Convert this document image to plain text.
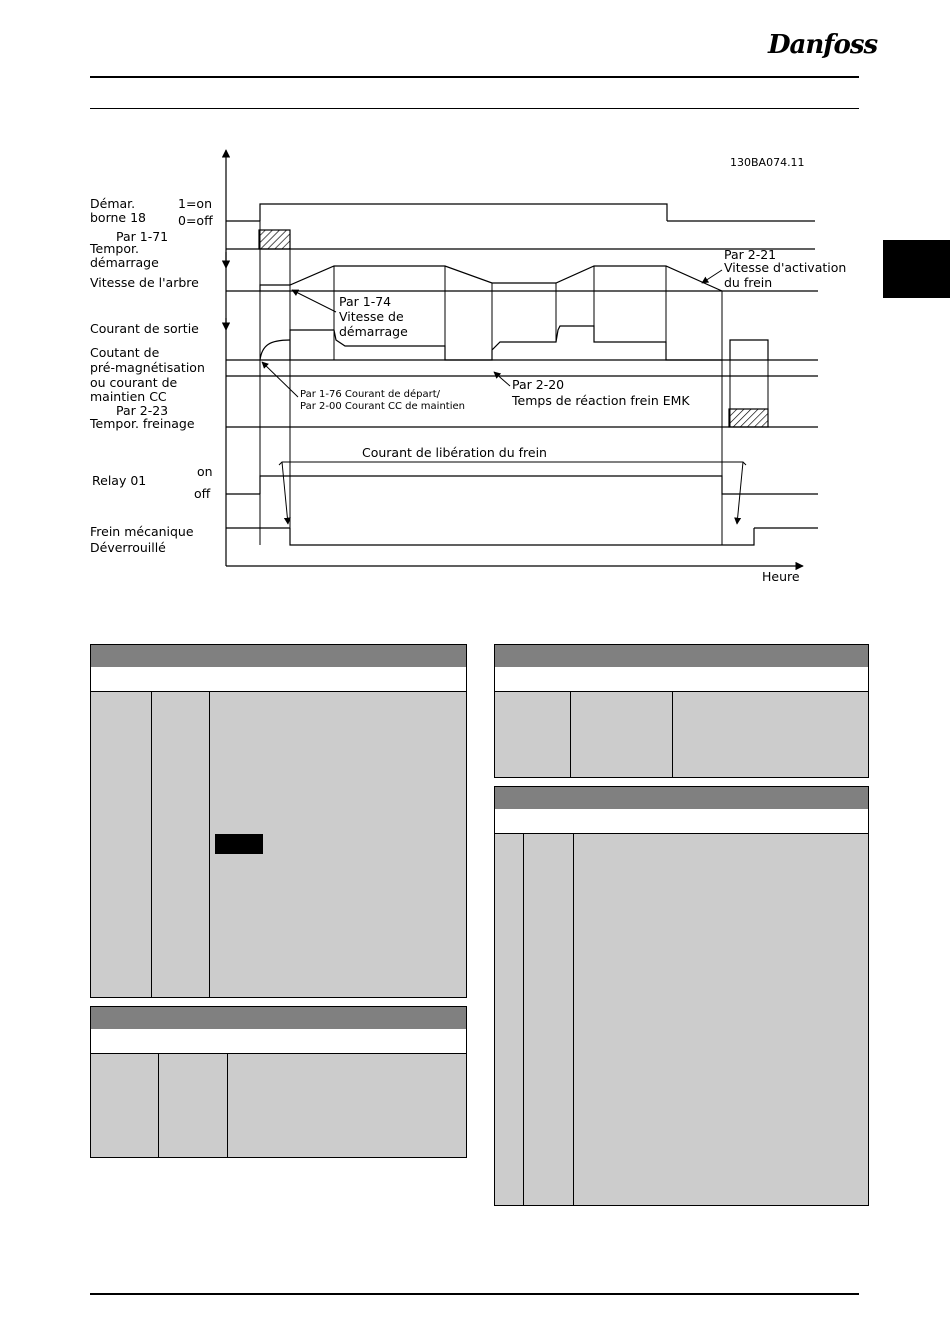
Danfoss
130BA074.11
Démar.
borne 18
1=on
0=off
Par 1-71
Tempor.
démarrage
Vitesse de l'arbre
Courant de sortie
Coutant de
pré-magnétisation
ou courant de
maintien CC
Par 2-23
Tempor. freinage
on
Relay 01
off
Frein mécanique
Déverrouillé
Par 2-21
Vitesse d'activation
du frein
Par 1-74
Vitesse de
démarrage
Par 1-76 Courant de départ/
Par 2-00 Courant CC de maintien
Par 2-20
Temps de réaction frein EMK
Courant de libération du frein
Heure
